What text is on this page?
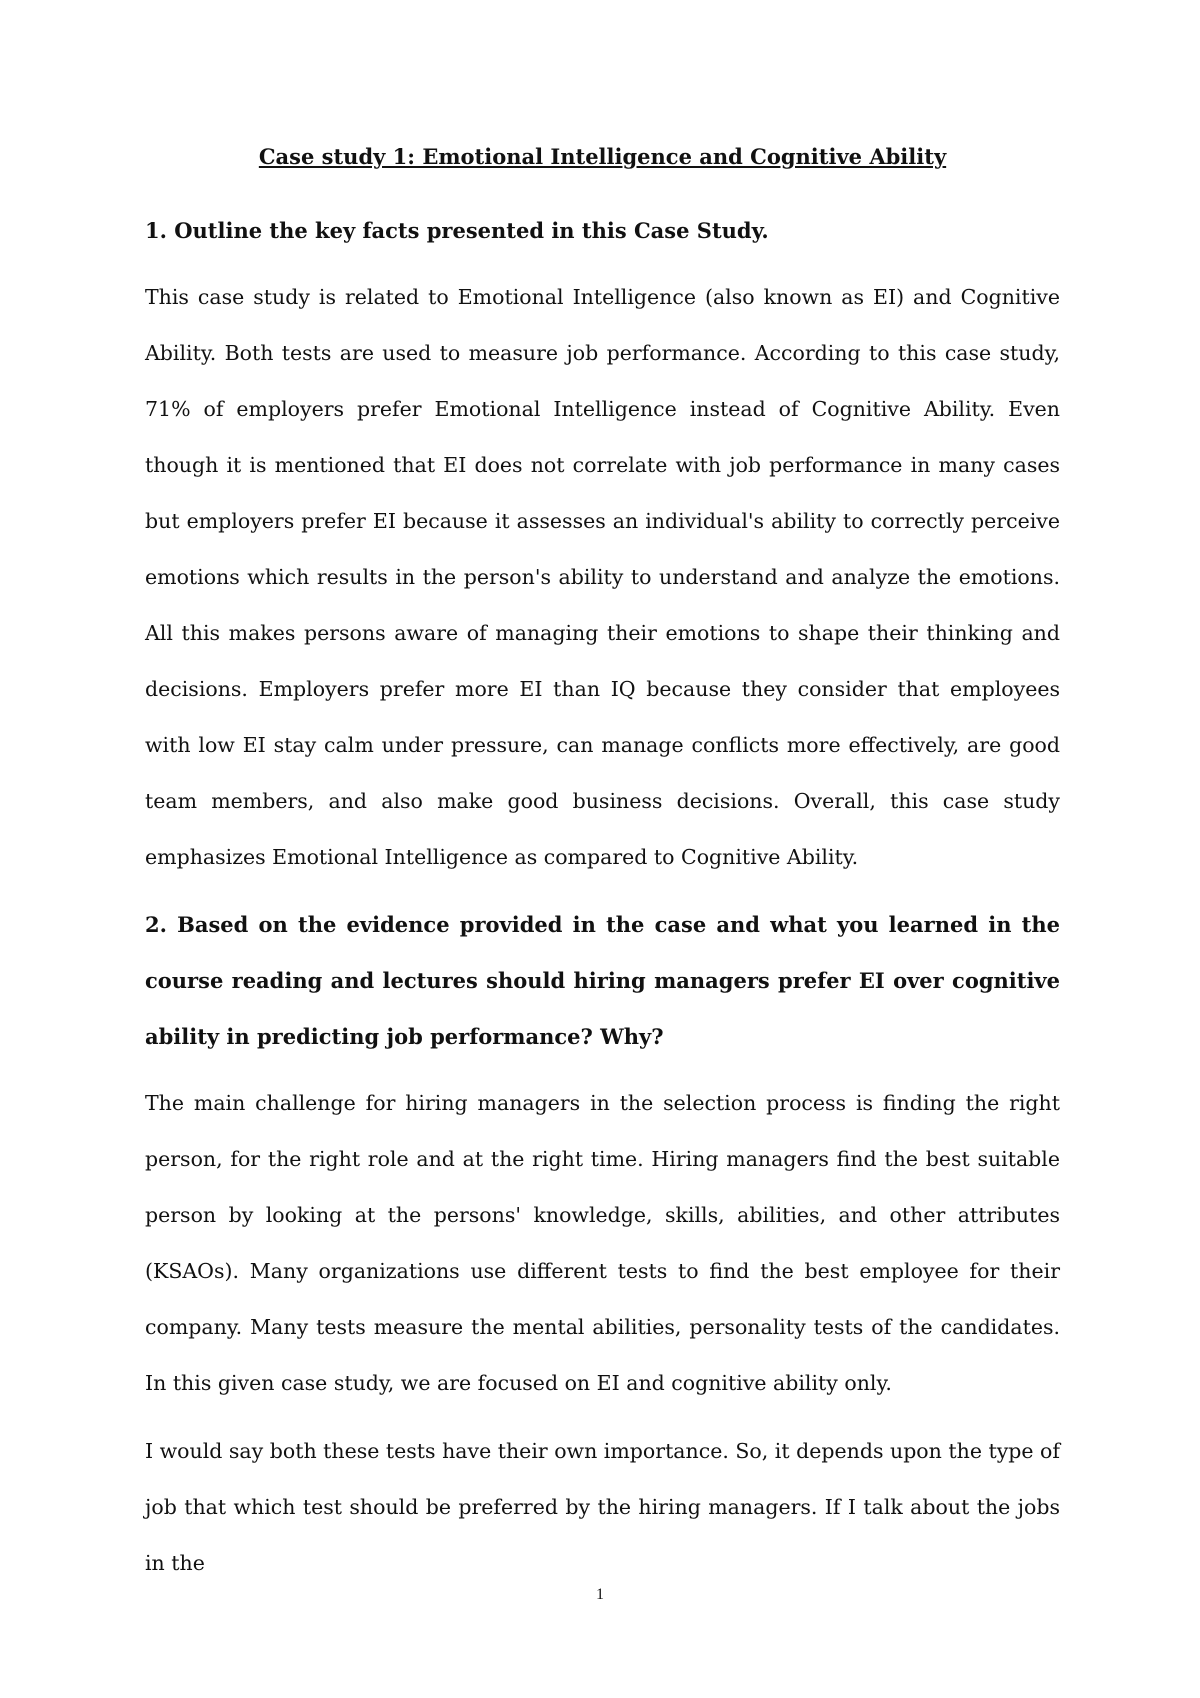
Case study 1: Emotional Intelligence and Cognitive Ability

1. Outline the key facts presented in this Case Study.

This case study is related to Emotional Intelligence (also known as EI) and Cognitive Ability. Both tests are used to measure job performance. According to this case study, 71% of employers prefer Emotional Intelligence instead of Cognitive Ability. Even though it is mentioned that EI does not correlate with job performance in many cases but employers prefer EI because it assesses an individual's ability to correctly perceive emotions which results in the person's ability to understand and analyze the emotions. All this makes persons aware of managing their emotions to shape their thinking and decisions. Employers prefer more EI than IQ because they consider that employees with low EI stay calm under pressure, can manage conflicts more effectively, are good team members, and also make good business decisions. Overall, this case study emphasizes Emotional Intelligence as compared to Cognitive Ability.

2. Based on the evidence provided in the case and what you learned in the course reading and lectures should hiring managers prefer EI over cognitive ability in predicting job performance? Why?

The main challenge for hiring managers in the selection process is finding the right person, for the right role and at the right time. Hiring managers find the best suitable person by looking at the persons' knowledge, skills, abilities, and other attributes (KSAOs). Many organizations use different tests to find the best employee for their company. Many tests measure the mental abilities, personality tests of the candidates. In this given case study, we are focused on EI and cognitive ability only.

I would say both these tests have their own importance. So, it depends upon the type of job that which test should be preferred by the hiring managers. If I talk about the jobs in the

1
